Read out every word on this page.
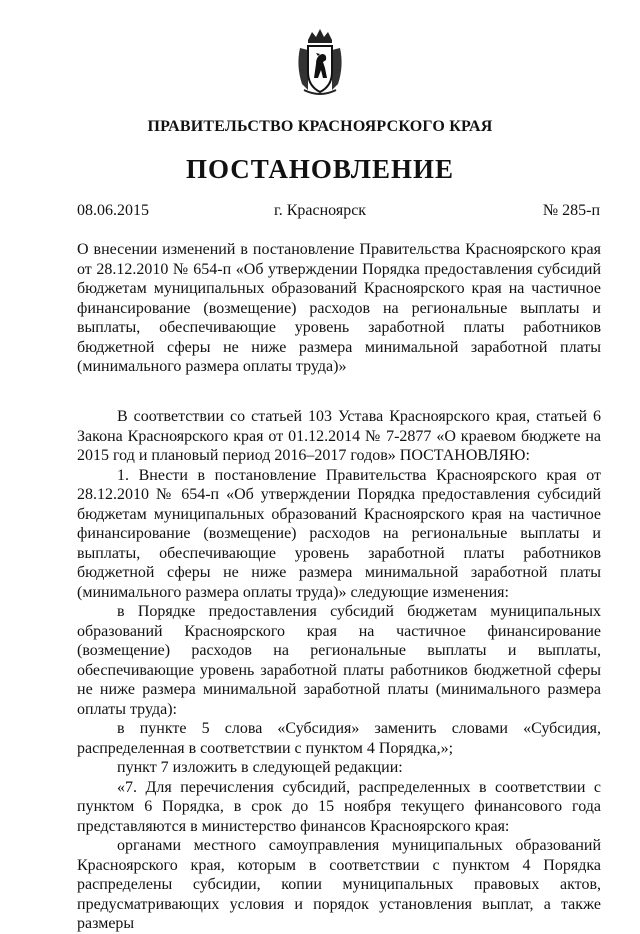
ПРАВИТЕЛЬСТВО КРАСНОЯРСКОГО КРАЯ
ПОСТАНОВЛЕНИЕ
08.06.2015	г. Красноярск	№ 285-п
О внесении изменений в постановление Правительства Красноярского края от 28.12.2010 № 654-п «Об утверждении Порядка предоставления субсидий бюджетам муниципальных образований Красноярского края на частичное финансирование (возмещение) расходов на региональные выплаты и выплаты, обеспечивающие уровень заработной платы работников бюджетной сферы не ниже размера минимальной заработной платы (минимального размера оплаты труда)»

В соответствии со статьей 103 Устава Красноярского края, статьей 6 Закона Красноярского края от 01.12.2014 № 7-2877 «О краевом бюджете на 2015 год и плановый период 2016–2017 годов» ПОСТАНОВЛЯЮ:

1. Внести в постановление Правительства Красноярского края от 28.12.2010 № 654-п «Об утверждении Порядка предоставления субсидий бюджетам муниципальных образований Красноярского края на частичное финансирование (возмещение) расходов на региональные выплаты и выплаты, обеспечивающие уровень заработной платы работников бюджетной сферы не ниже размера минимальной заработной платы (минимального размера оплаты труда)» следующие изменения:

в Порядке предоставления субсидий бюджетам муниципальных образований Красноярского края на частичное финансирование (возмещение) расходов на региональные выплаты и выплаты, обеспечивающие уровень заработной платы работников бюджетной сферы не ниже размера минимальной заработной платы (минимального размера оплаты труда):

в пункте 5 слова «Субсидия» заменить словами «Субсидия, распределенная в соответствии с пунктом 4 Порядка,»;

пункт 7 изложить в следующей редакции:

«7. Для перечисления субсидий, распределенных в соответствии с пунктом 6 Порядка, в срок до 15 ноября текущего финансового года представляются в министерство финансов Красноярского края:

органами местного самоуправления муниципальных образований Красноярского края, которым в соответствии с пунктом 4 Порядка распределены субсидии, копии муниципальных правовых актов, предусматривающих условия и порядок установления выплат, а также размеры
